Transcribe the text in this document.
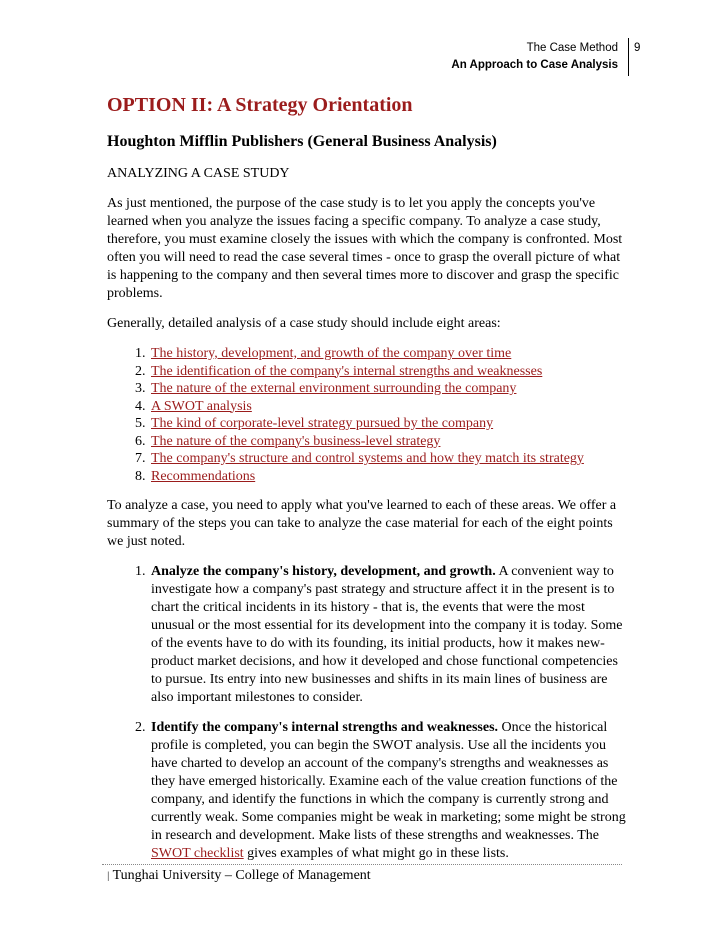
The Case Method
An Approach to Case Analysis
9
OPTION II: A Strategy Orientation
Houghton Mifflin Publishers (General Business Analysis)
ANALYZING A CASE STUDY

As just mentioned, the purpose of the case study is to let you apply the concepts you've learned when you analyze the issues facing a specific company. To analyze a case study, therefore, you must examine closely the issues with which the company is confronted. Most often you will need to read the case several times - once to grasp the overall picture of what is happening to the company and then several times more to discover and grasp the specific problems.

Generally, detailed analysis of a case study should include eight areas:

1. The history, development, and growth of the company over time
2. The identification of the company's internal strengths and weaknesses
3. The nature of the external environment surrounding the company
4. A SWOT analysis
5. The kind of corporate-level strategy pursued by the company
6. The nature of the company's business-level strategy
7. The company's structure and control systems and how they match its strategy
8. Recommendations

To analyze a case, you need to apply what you've learned to each of these areas. We offer a summary of the steps you can take to analyze the case material for each of the eight points we just noted.

1. Analyze the company's history, development, and growth. A convenient way to investigate how a company's past strategy and structure affect it in the present is to chart the critical incidents in its history - that is, the events that were the most unusual or the most essential for its development into the company it is today. Some of the events have to do with its founding, its initial products, how it makes new-product market decisions, and how it developed and chose functional competencies to pursue. Its entry into new businesses and shifts in its main lines of business are also important milestones to consider.
2. Identify the company's internal strengths and weaknesses. Once the historical profile is completed, you can begin the SWOT analysis. Use all the incidents you have charted to develop an account of the company's strengths and weaknesses as they have emerged historically. Examine each of the value creation functions of the company, and identify the functions in which the company is currently strong and currently weak. Some companies might be weak in marketing; some might be strong in research and development. Make lists of these strengths and weaknesses. The SWOT checklist gives examples of what might go in these lists.
| Tunghai University – College of Management
